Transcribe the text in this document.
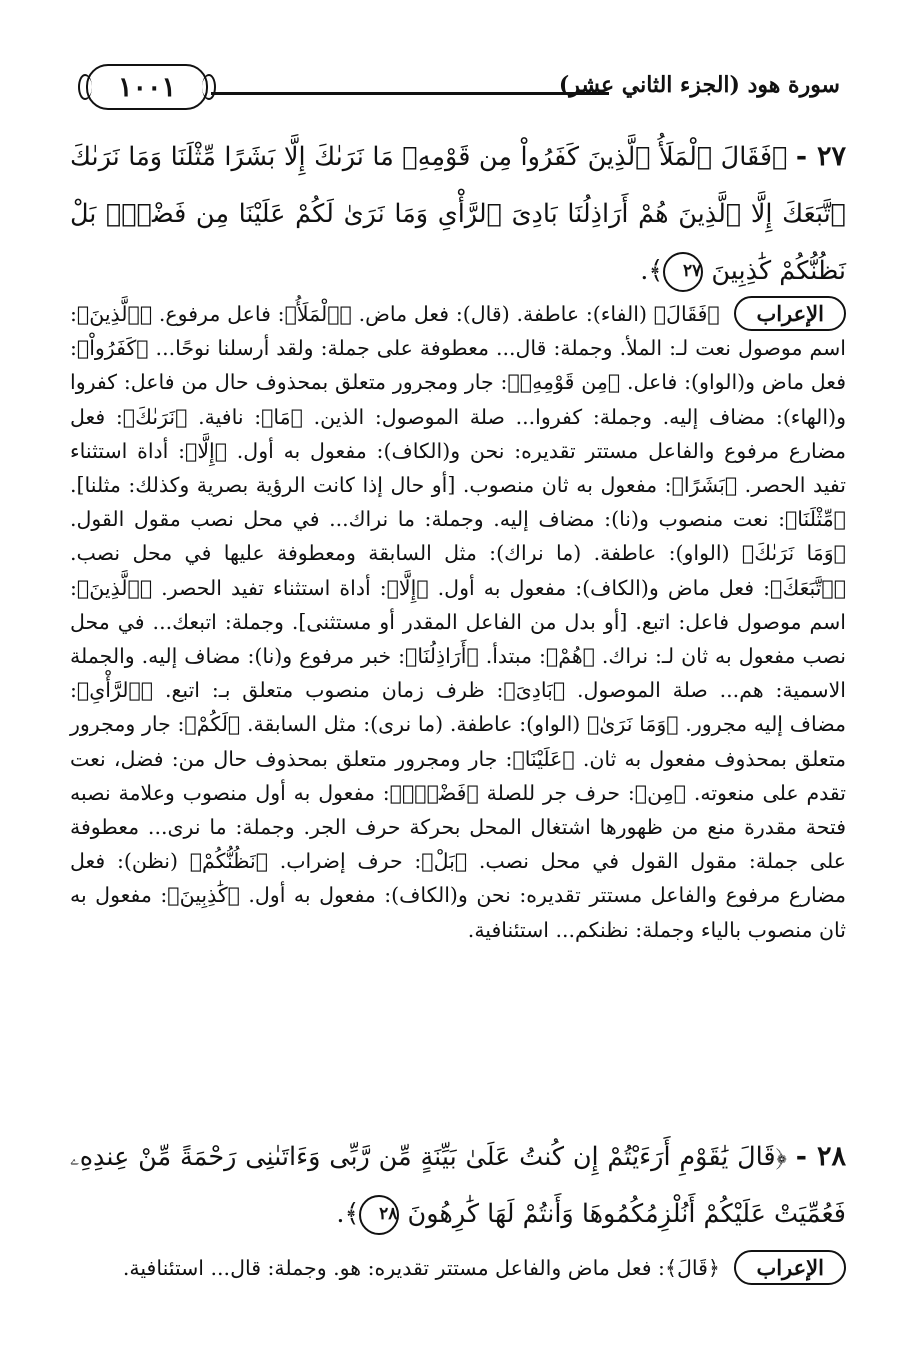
١٠٠١	سورة هود (الجزء الثاني عشر)
٢٧ - ﴿فَقَالَ ٱلْمَلَأُ ٱلَّذِينَ كَفَرُواْ مِن قَوْمِهِۦ مَا نَرَىٰكَ إِلَّا بَشَرًا مِّثْلَنَا وَمَا نَرَىٰكَ ٱتَّبَعَكَ إِلَّا ٱلَّذِينَ هُمْ أَرَاذِلُنَا بَادِىَ ٱلرَّأْىِ وَمَا نَرَىٰ لَكُمْ عَلَيْنَا مِن فَضْلٍۭ بَلْ نَظُنُّكُمْ كَٰذِبِينَ ٢٧﴾.
الإعراب ﴿فَقَالَ﴾ (الفاء): عاطفة. (قال): فعل ماض. ﴿ٱلْمَلَأُ﴾: فاعل مرفوع. ﴿ٱلَّذِينَ﴾: اسم موصول نعت لـ: الملأ. وجملة: قال... معطوفة على جملة: ولقد أرسلنا نوحًا... ﴿كَفَرُواْ﴾: فعل ماض و(الواو): فاعل. ﴿مِن قَوْمِهِۦ﴾: جار ومجرور متعلق بمحذوف حال من فاعل: كفروا و(الهاء): مضاف إليه. وجملة: كفروا... صلة الموصول: الذين. ﴿مَا﴾: نافية. ﴿نَرَىٰكَ﴾: فعل مضارع مرفوع والفاعل مستتر تقديره: نحن و(الكاف): مفعول به أول. ﴿إِلَّا﴾: أداة استثناء تفيد الحصر. ﴿بَشَرًا﴾: مفعول به ثان منصوب. [أو حال إذا كانت الرؤية بصرية وكذلك: مثلنا]. ﴿مِّثْلَنَا﴾: نعت منصوب و(نا): مضاف إليه. وجملة: ما نراك... في محل نصب مقول القول. ﴿وَمَا نَرَىٰكَ﴾ (الواو): عاطفة. (ما نراك): مثل السابقة ومعطوفة عليها في محل نصب. ﴿ٱتَّبَعَكَ﴾: فعل ماض و(الكاف): مفعول به أول. ﴿إِلَّا﴾: أداة استثناء تفيد الحصر. ﴿ٱلَّذِينَ﴾: اسم موصول فاعل: اتبع. [أو بدل من الفاعل المقدر أو مستثنى]. وجملة: اتبعك... في محل نصب مفعول به ثان لـ: نراك. ﴿هُمْ﴾: مبتدأ. ﴿أَرَاذِلُنَا﴾: خبر مرفوع و(نا): مضاف إليه. والجملة الاسمية: هم... صلة الموصول. ﴿بَادِىَ﴾: ظرف زمان منصوب متعلق بـ: اتبع. ﴿ٱلرَّأْىِ﴾: مضاف إليه مجرور. ﴿وَمَا نَرَىٰ﴾ (الواو): عاطفة. (ما نرى): مثل السابقة. ﴿لَكُمْ﴾: جار ومجرور متعلق بمحذوف مفعول به ثان. ﴿عَلَيْنَا﴾: جار ومجرور متعلق بمحذوف حال من: فضل، نعت تقدم على منعوته. ﴿مِن﴾: حرف جر للصلة ﴿فَضْلٍۭ﴾: مفعول به أول منصوب وعلامة نصبه فتحة مقدرة منع من ظهورها اشتغال المحل بحركة حرف الجر. وجملة: ما نرى... معطوفة على جملة: مقول القول في محل نصب. ﴿بَلْ﴾: حرف إضراب. ﴿نَظُنُّكُمْ﴾ (نظن): فعل مضارع مرفوع والفاعل مستتر تقديره: نحن و(الكاف): مفعول به أول. ﴿كَٰذِبِينَ﴾: مفعول به ثان منصوب بالياء وجملة: نظنكم... استئنافية.
٢٨ - ﴿قَالَ يَٰقَوْمِ أَرَءَيْتُمْ إِن كُنتُ عَلَىٰ بَيِّنَةٍ مِّن رَّبِّى وَءَاتَىٰنِى رَحْمَةً مِّنْ عِندِهِۦ فَعُمِّيَتْ عَلَيْكُمْ أَنُلْزِمُكُمُوهَا وَأَنتُمْ لَهَا كَٰرِهُونَ ٢٨﴾.
الإعراب ﴿قَالَ﴾: فعل ماض والفاعل مستتر تقديره: هو. وجملة: قال... استئنافية.
